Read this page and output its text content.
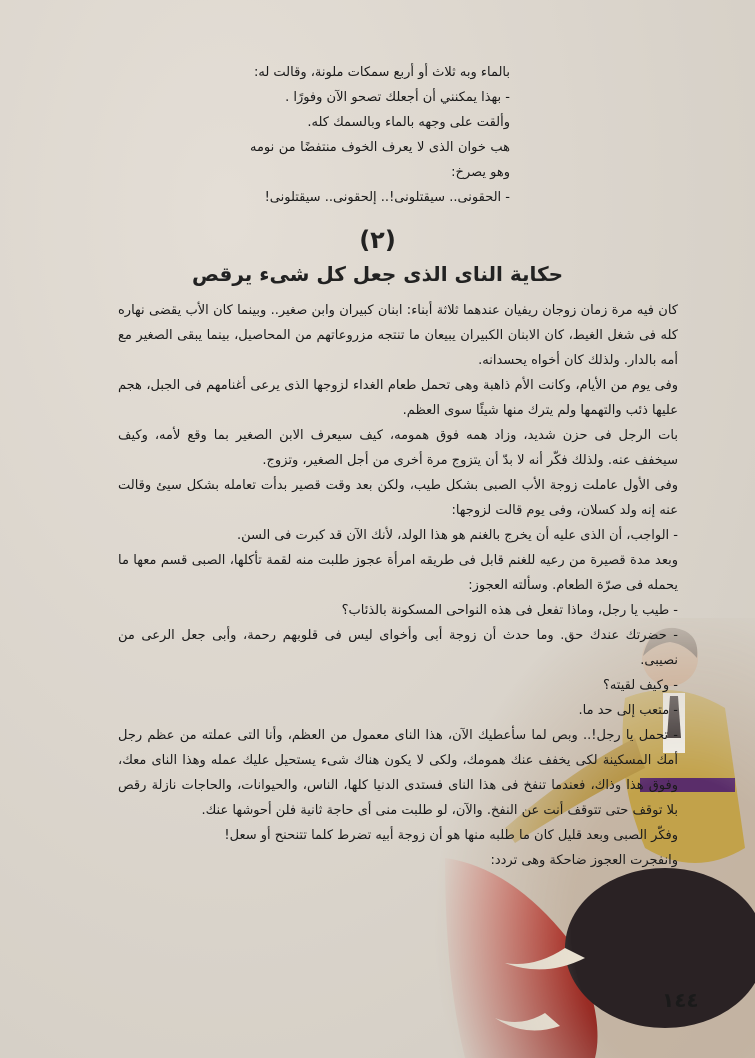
بالماء وبه ثلاث أو أربع سمكات ملونة، وقالت له:

- بهذا يمكنني أن أجعلك تصحو الآن وفورًا .

وألقت على وجهه بالماء وبالسمك كله.

هب خوان الذى لا يعرف الخوف منتفضًا من نومه وهو يصرخ:

- الحقونى.. سيقتلونى!.. إلحقونى.. سيقتلونى!

(٢)
حكاية الناى الذى جعل كل شىء يرقص

كان فيه مرة زمان زوجان ريفيان عندهما ثلاثة أبناء: ابنان كبيران وابن صغير.. وبينما كان الأب يقضى نهاره كله فى شغل الغيط، كان الابنان الكبيران يبيعان ما تنتجه مزروعاتهم من المحاصيل، بينما يبقى الصغير مع أمه بالدار. ولذلك كان أخواه يحسدانه.

وفى يوم من الأيام، وكانت الأم ذاهبة وهى تحمل طعام الغداء لزوجها الذى يرعى أغنامهم فى الجبل، هجم عليها ذئب والتهمها ولم يترك منها شيئًا سوى العظم.

بات الرجل فى حزن شديد، وزاد همه فوق همومه، كيف سيعرف الابن الصغير بما وقع لأمه، وكيف سيخفف عنه. ولذلك فكّر أنه لا بدّ أن يتزوج مرة أخرى من أجل الصغير، وتزوج.

وفى الأول عاملت زوجة الأب الصبى بشكل طيب، ولكن بعد وقت قصير بدأت تعامله بشكل سيئ وقالت عنه إنه ولد كسلان، وفى يوم قالت لزوجها:

- الواجب، أن الذى عليه أن يخرج بالغنم هو هذا الولد، لأنك الآن قد كبرت فى السن.

وبعد مدة قصيرة من رعيه للغنم قابل فى طريقه امرأة عجوز طلبت منه لقمة تأكلها، الصبى قسم معها ما يحمله فى صرّة الطعام. وسألته العجوز:

- طيب يا رجل، وماذا تفعل فى هذه النواحى المسكونة بالذئاب؟

- حضرتك عندك حق. وما حدث أن زوجة أبى وأخواى ليس فى قلوبهم رحمة، وأبى جعل الرعى من نصيبى.

- وكيف لقيته؟

- متعب إلى حد ما.

- تحمل يا رجل!.. وبص لما سأعطيك الآن، هذا الناى معمول من العظم، وأنا التى عملته من عظم رجل أمك المسكينة لكى يخفف عنك همومك، ولكى لا يكون هناك شىء يستحيل عليك عمله وهذا الناى معك، وفوق هذا وذاك، فعندما تنفخ فى هذا الناى فستدى الدنيا كلها، الناس، والحيوانات، والحاجات نازلة رقص بلا توقف حتى تتوقف أنت عن النفخ. والآن، لو طلبت منى أى حاجة ثانية فلن أحوشها عنك.

وفكّر الصبى وبعد قليل كان ما طلبه منها هو أن زوجة أبيه تضرط كلما تتنحنح أو سعل!

وانفجرت العجوز ضاحكة وهى تردد:

١٤٤
